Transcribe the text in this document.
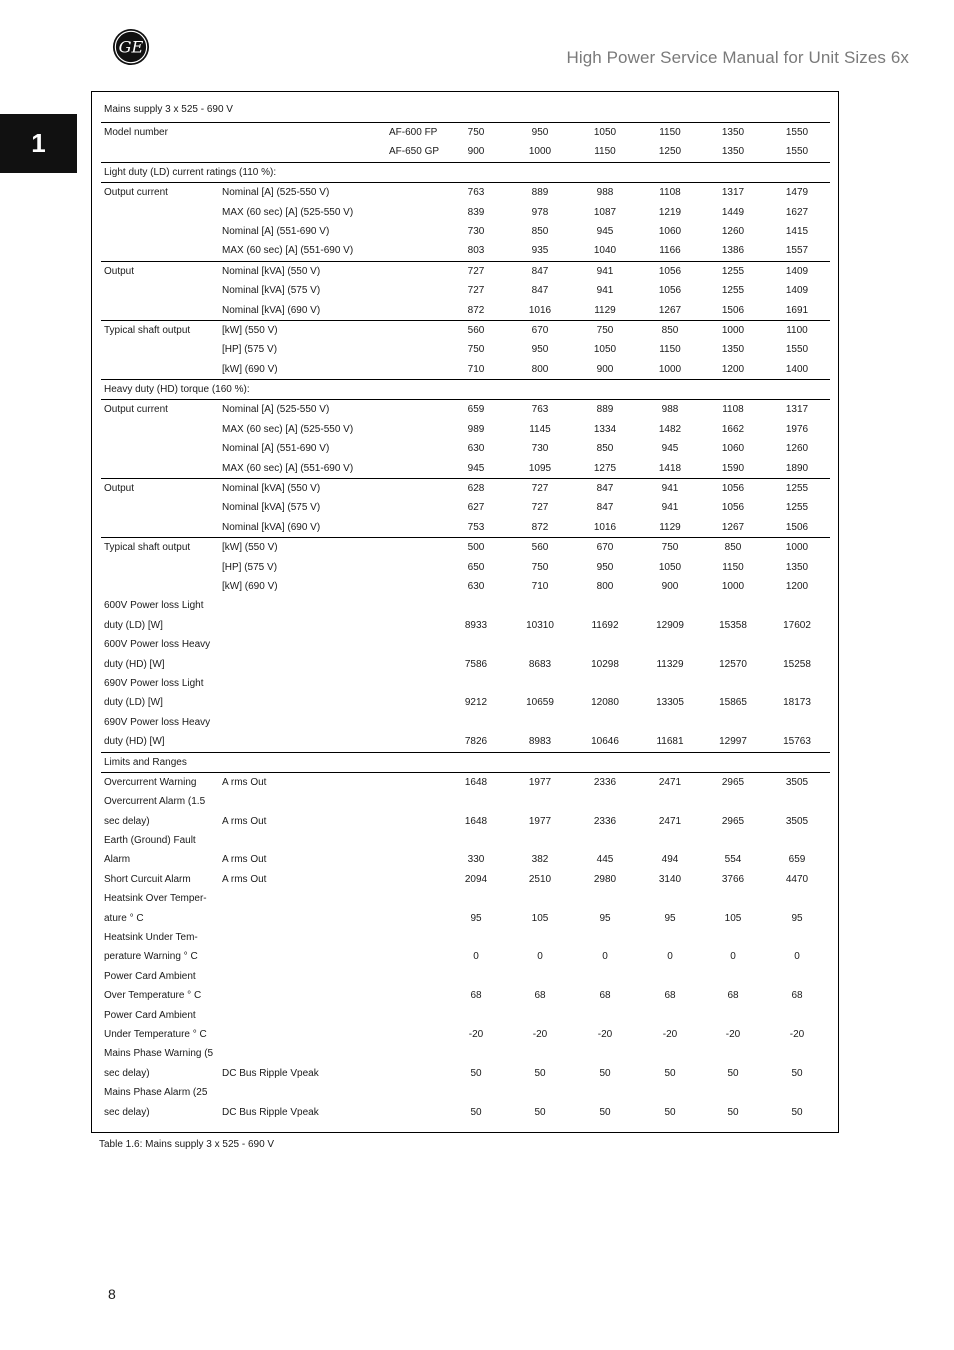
GE
High Power Service Manual for Unit Sizes 6x
1
Mains supply 3 x 525 - 690 V
Model number	AF-600 FP	750	950	1050	1150	1350	1550
AF-650 GP	900	1000	1150	1250	1350	1550
Light duty (LD) current ratings (110 %):
Output current	Nominal [A] (525-550 V)	763	889	988	1108	1317	1479
MAX (60 sec) [A] (525-550 V)	839	978	1087	1219	1449	1627
Nominal [A] (551-690 V)	730	850	945	1060	1260	1415
MAX (60 sec) [A] (551-690 V)	803	935	1040	1166	1386	1557
Output	Nominal [kVA] (550 V)	727	847	941	1056	1255	1409
Nominal [kVA] (575 V)	727	847	941	1056	1255	1409
Nominal [kVA] (690 V)	872	1016	1129	1267	1506	1691
Typical shaft output	[kW] (550 V)	560	670	750	850	1000	1100
[HP] (575 V)	750	950	1050	1150	1350	1550
[kW] (690 V)	710	800	900	1000	1200	1400
Heavy duty (HD) torque (160 %):
Output current	Nominal [A] (525-550 V)	659	763	889	988	1108	1317
MAX (60 sec) [A] (525-550 V)	989	1145	1334	1482	1662	1976
Nominal [A] (551-690 V)	630	730	850	945	1060	1260
MAX (60 sec) [A] (551-690 V)	945	1095	1275	1418	1590	1890
Output	Nominal [kVA] (550 V)	628	727	847	941	1056	1255
Nominal [kVA] (575 V)	627	727	847	941	1056	1255
Nominal [kVA] (690 V)	753	872	1016	1129	1267	1506
Typical shaft output	[kW] (550 V)	500	560	670	750	850	1000
[HP] (575 V)	650	750	950	1050	1150	1350
[kW] (690 V)	630	710	800	900	1000	1200
600V Power loss Light
duty (LD) [W]	8933	10310	11692	12909	15358	17602
600V Power loss Heavy
duty (HD) [W]	7586	8683	10298	11329	12570	15258
690V Power loss Light
duty (LD) [W]	9212	10659	12080	13305	15865	18173
690V Power loss Heavy
duty (HD) [W]	7826	8983	10646	11681	12997	15763
Limits and Ranges
Overcurrent Warning	A rms Out	1648	1977	2336	2471	2965	3505
Overcurrent Alarm (1.5
sec delay)	A rms Out	1648	1977	2336	2471	2965	3505
Earth (Ground) Fault
Alarm	A rms Out	330	382	445	494	554	659
Short Curcuit Alarm	A rms Out	2094	2510	2980	3140	3766	4470
Heatsink Over Temper-
ature ° C	95	105	95	95	105	95
Heatsink Under Tem-
perature Warning ° C	0	0	0	0	0	0
Power Card Ambient
Over Temperature ° C	68	68	68	68	68	68
Power Card Ambient
Under Temperature ° C	-20	-20	-20	-20	-20	-20
Mains Phase Warning (5
sec delay)	DC Bus Ripple Vpeak	50	50	50	50	50	50
Mains Phase Alarm (25
sec delay)	DC Bus Ripple Vpeak	50	50	50	50	50	50
Table 1.6: Mains supply 3 x 525 - 690 V
8
